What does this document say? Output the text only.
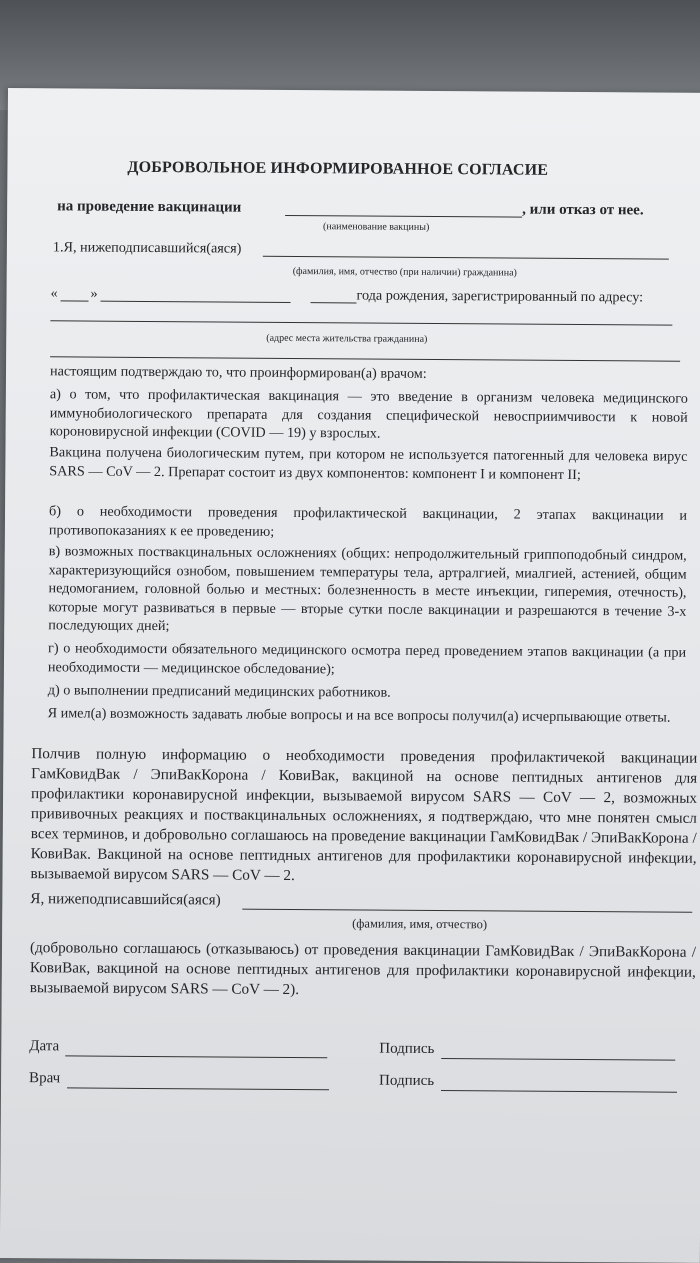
ДОБРОВОЛЬНОЕ ИНФОРМИРОВАННОЕ СОГЛАСИЕ
на проведение вакцинации	, или отказ от нее.
(наименование вакцины)
1.Я, нижеподписавшийся(аяся)
(фамилия, имя, отчество (при наличии) гражданина)
« »	года рождения, зарегистрированный по адресу:
(адрес места жительства гражданина)
настоящим подтверждаю то, что проинформирован(а) врачом:
а) о том, что профилактическая вакцинация — это введение в организм человека медицинского иммунобиологического препарата для создания специфической невосприимчивости к новой короновирусной инфекции (COVID — 19) у взрослых.
Вакцина получена биологическим путем, при котором не используется патогенный для человека вирус SARS — CoV — 2. Препарат состоит из двух компонентов: компонент I и компонент II;
б) о необходимости проведения профилактической вакцинации, 2 этапах вакцинации и противопоказаниях к ее проведению;
в) возможных поствакцинальных осложнениях (общих: непродолжительный гриппоподобный синдром, характеризующийся ознобом, повышением температуры тела, артралгией, миалгией, астенией, общим недомоганием, головной болью и местных: болезненность в месте инъекции, гиперемия, отечность), которые могут развиваться в первые — вторые сутки после вакцинации и разрешаются в течение 3-х последующих дней;
г) о необходимости обязательного медицинского осмотра перед проведением этапов вакцинации (а при необходимости — медицинское обследование);
д) о выполнении предписаний медицинских работников.
Я имел(а) возможность задавать любые вопросы и на все вопросы получил(а) исчерпывающие ответы.
Полчив полную информацию о необходимости проведения профилактичекой вакцинации ГамКовидВак / ЭпиВакКорона / КовиВак, вакциной на основе пептидных антигенов для профилактики коронавирусной инфекции, вызываемой вирусом SARS — CoV — 2, возможных прививочных реакциях и поствакцинальных осложнениях, я подтверждаю, что мне понятен смысл всех терминов, и добровольно соглашаюсь на проведение вакцинации ГамКовидВак / ЭпиВакКорона / КовиВак. Вакциной на основе пептидных антигенов для профилактики коронавирусной инфекции, вызываемой вирусом SARS — CoV — 2.
Я, нижеподписавшийся(аяся)
(фамилия, имя, отчество)
(добровольно соглашаюсь (отказываюсь) от проведения вакцинации ГамКовидВак / ЭпиВакКорона / КовиВак, вакциной на основе пептидных антигенов для профилактики коронавирусной инфекции, вызываемой вирусом SARS — CoV — 2).
Дата	Подпись
Врач	Подпись
